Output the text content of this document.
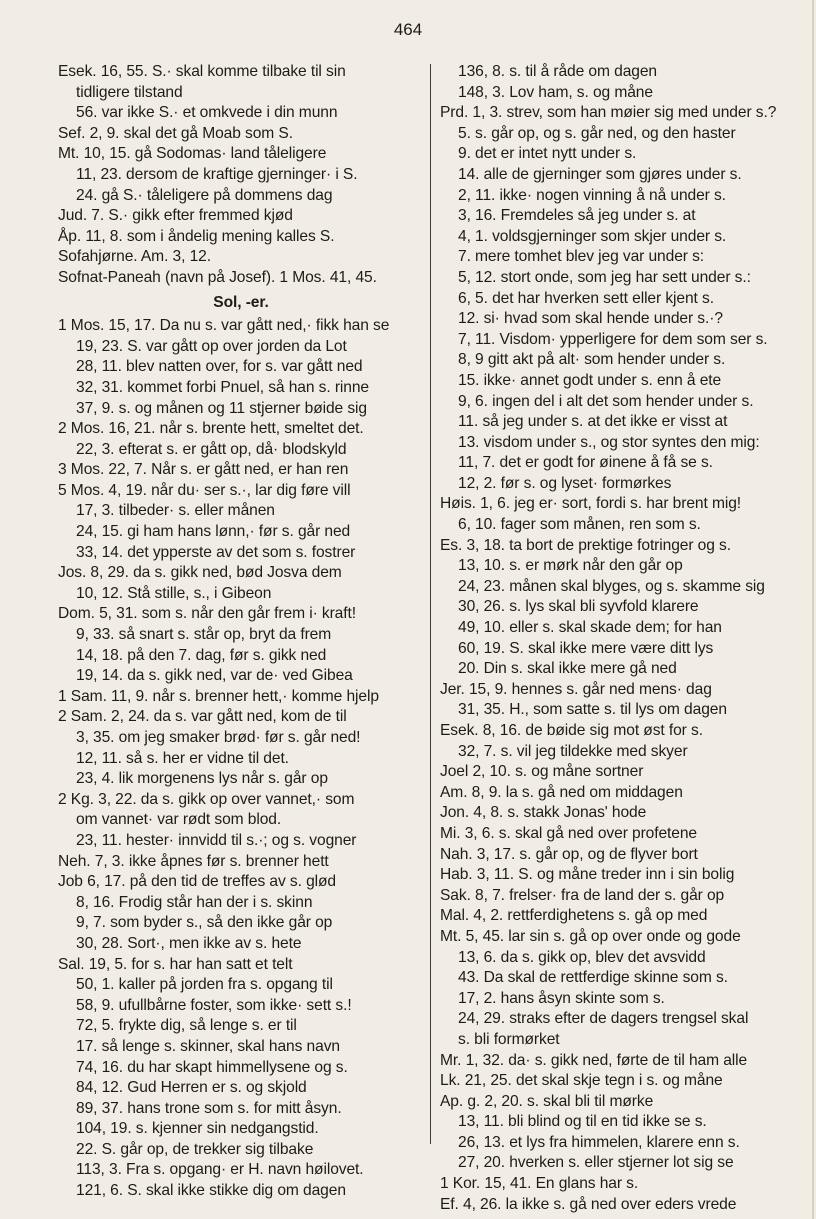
464
Esek. 16, 55. S.· skal komme tilbake til sin
tidligere tilstand
56. var ikke S.· et omkvede i din munn
Sef. 2, 9. skal det gå Moab som S.
Mt. 10, 15. gå Sodomas· land tåleligere
11, 23. dersom de kraftige gjerninger· i S.
24. gå S.· tåleligere på dommens dag
Jud. 7. S.· gikk efter fremmed kjød
Åp. 11, 8. som i åndelig mening kalles S.
Sofahjørne. Am. 3, 12.
Sofnat-Paneah (navn på Josef). 1 Mos. 41, 45.
Sol, -er.
1 Mos. 15, 17. Da nu s. var gått ned,· fikk han se
19, 23. S. var gått op over jorden da Lot
28, 11. blev natten over, for s. var gått ned
32, 31. kommet forbi Pnuel, så han s. rinne
37, 9. s. og månen og 11 stjerner bøide sig
2 Mos. 16, 21. når s. brente hett, smeltet det.
22, 3. efterat s. er gått op, då· blodskyld
3 Mos. 22, 7. Når s. er gått ned, er han ren
5 Mos. 4, 19. når du· ser s.·, lar dig føre vill
17, 3. tilbeder· s. eller månen
24, 15. gi ham hans lønn,· før s. går ned
33, 14. det ypperste av det som s. fostrer
Jos. 8, 29. da s. gikk ned, bød Josva dem
10, 12. Stå stille, s., i Gibeon
Dom. 5, 31. som s. når den går frem i· kraft!
9, 33. så snart s. står op, bryt da frem
14, 18. på den 7. dag, før s. gikk ned
19, 14. da s. gikk ned, var de· ved Gibea
1 Sam. 11, 9. når s. brenner hett,· komme hjelp
2 Sam. 2, 24. da s. var gått ned, kom de til
3, 35. om jeg smaker brød· før s. går ned!
12, 11. så s. her er vidne til det.
23, 4. lik morgenens lys når s. går op
2 Kg. 3, 22. da s. gikk op over vannet,· som
om vannet· var rødt som blod.
23, 11. hester· innvidd til s.·; og s. vogner
Neh. 7, 3. ikke åpnes før s. brenner hett
Job 6, 17. på den tid de treffes av s. glød
8, 16. Frodig står han der i s. skinn
9, 7. som byder s., så den ikke går op
30, 28. Sort·, men ikke av s. hete
Sal. 19, 5. for s. har han satt et telt
50, 1. kaller på jorden fra s. opgang til
58, 9. ufullbårne foster, som ikke· sett s.!
72, 5. frykte dig, så lenge s. er til
17. så lenge s. skinner, skal hans navn
74, 16. du har skapt himmellysene og s.
84, 12. Gud Herren er s. og skjold
89, 37. hans trone som s. for mitt åsyn.
104, 19. s. kjenner sin nedgangstid.
22. S. går op, de trekker sig tilbake
113, 3. Fra s. opgang· er H. navn høilovet.
121, 6. S. skal ikke stikke dig om dagen
136, 8. s. til å råde om dagen
148, 3. Lov ham, s. og måne
Prd. 1, 3. strev, som han møier sig med under s.?
5. s. går op, og s. går ned, og den haster
9. det er intet nytt under s.
14. alle de gjerninger som gjøres under s.
2, 11. ikke· nogen vinning å nå under s.
3, 16. Fremdeles så jeg under s. at
4, 1. voldsgjerninger som skjer under s.
7. mere tomhet blev jeg var under s:
5, 12. stort onde, som jeg har sett under s.:
6, 5. det har hverken sett eller kjent s.
12. si· hvad som skal hende under s.·?
7, 11. Visdom· ypperligere for dem som ser s.
8, 9 gitt akt på alt· som hender under s.
15. ikke· annet godt under s. enn å ete
9, 6. ingen del i alt det som hender under s.
11. så jeg under s. at det ikke er visst at
13. visdom under s., og stor syntes den mig:
11, 7. det er godt for øinene å få se s.
12, 2. før s. og lyset· formørkes
Høis. 1, 6. jeg er· sort, fordi s. har brent mig!
6, 10. fager som månen, ren som s.
Es. 3, 18. ta bort de prektige fotringer og s.
13, 10. s. er mørk når den går op
24, 23. månen skal blyges, og s. skamme sig
30, 26. s. lys skal bli syvfold klarere
49, 10. eller s. skal skade dem; for han
60, 19. S. skal ikke mere være ditt lys
20. Din s. skal ikke mere gå ned
Jer. 15, 9. hennes s. går ned mens· dag
31, 35. H., som satte s. til lys om dagen
Esek. 8, 16. de bøide sig mot øst for s.
32, 7. s. vil jeg tildekke med skyer
Joel 2, 10. s. og måne sortner
Am. 8, 9. la s. gå ned om middagen
Jon. 4, 8. s. stakk Jonas' hode
Mi. 3, 6. s. skal gå ned over profetene
Nah. 3, 17. s. går op, og de flyver bort
Hab. 3, 11. S. og måne treder inn i sin bolig
Sak. 8, 7. frelser· fra de land der s. går op
Mal. 4, 2. rettferdighetens s. gå op med
Mt. 5, 45. lar sin s. gå op over onde og gode
13, 6. da s. gikk op, blev det avsvidd
43. Da skal de rettferdige skinne som s.
17, 2. hans åsyn skinte som s.
24, 29. straks efter de dagers trengsel skal
s. bli formørket
Mr. 1, 32. da· s. gikk ned, førte de til ham alle
Lk. 21, 25. det skal skje tegn i s. og måne
Ap. g. 2, 20. s. skal bli til mørke
13, 11. bli blind og til en tid ikke se s.
26, 13. et lys fra himmelen, klarere enn s.
27, 20. hverken s. eller stjerner lot sig se
1 Kor. 15, 41. En glans har s.
Ef. 4, 26. la ikke s. gå ned over eders vrede
